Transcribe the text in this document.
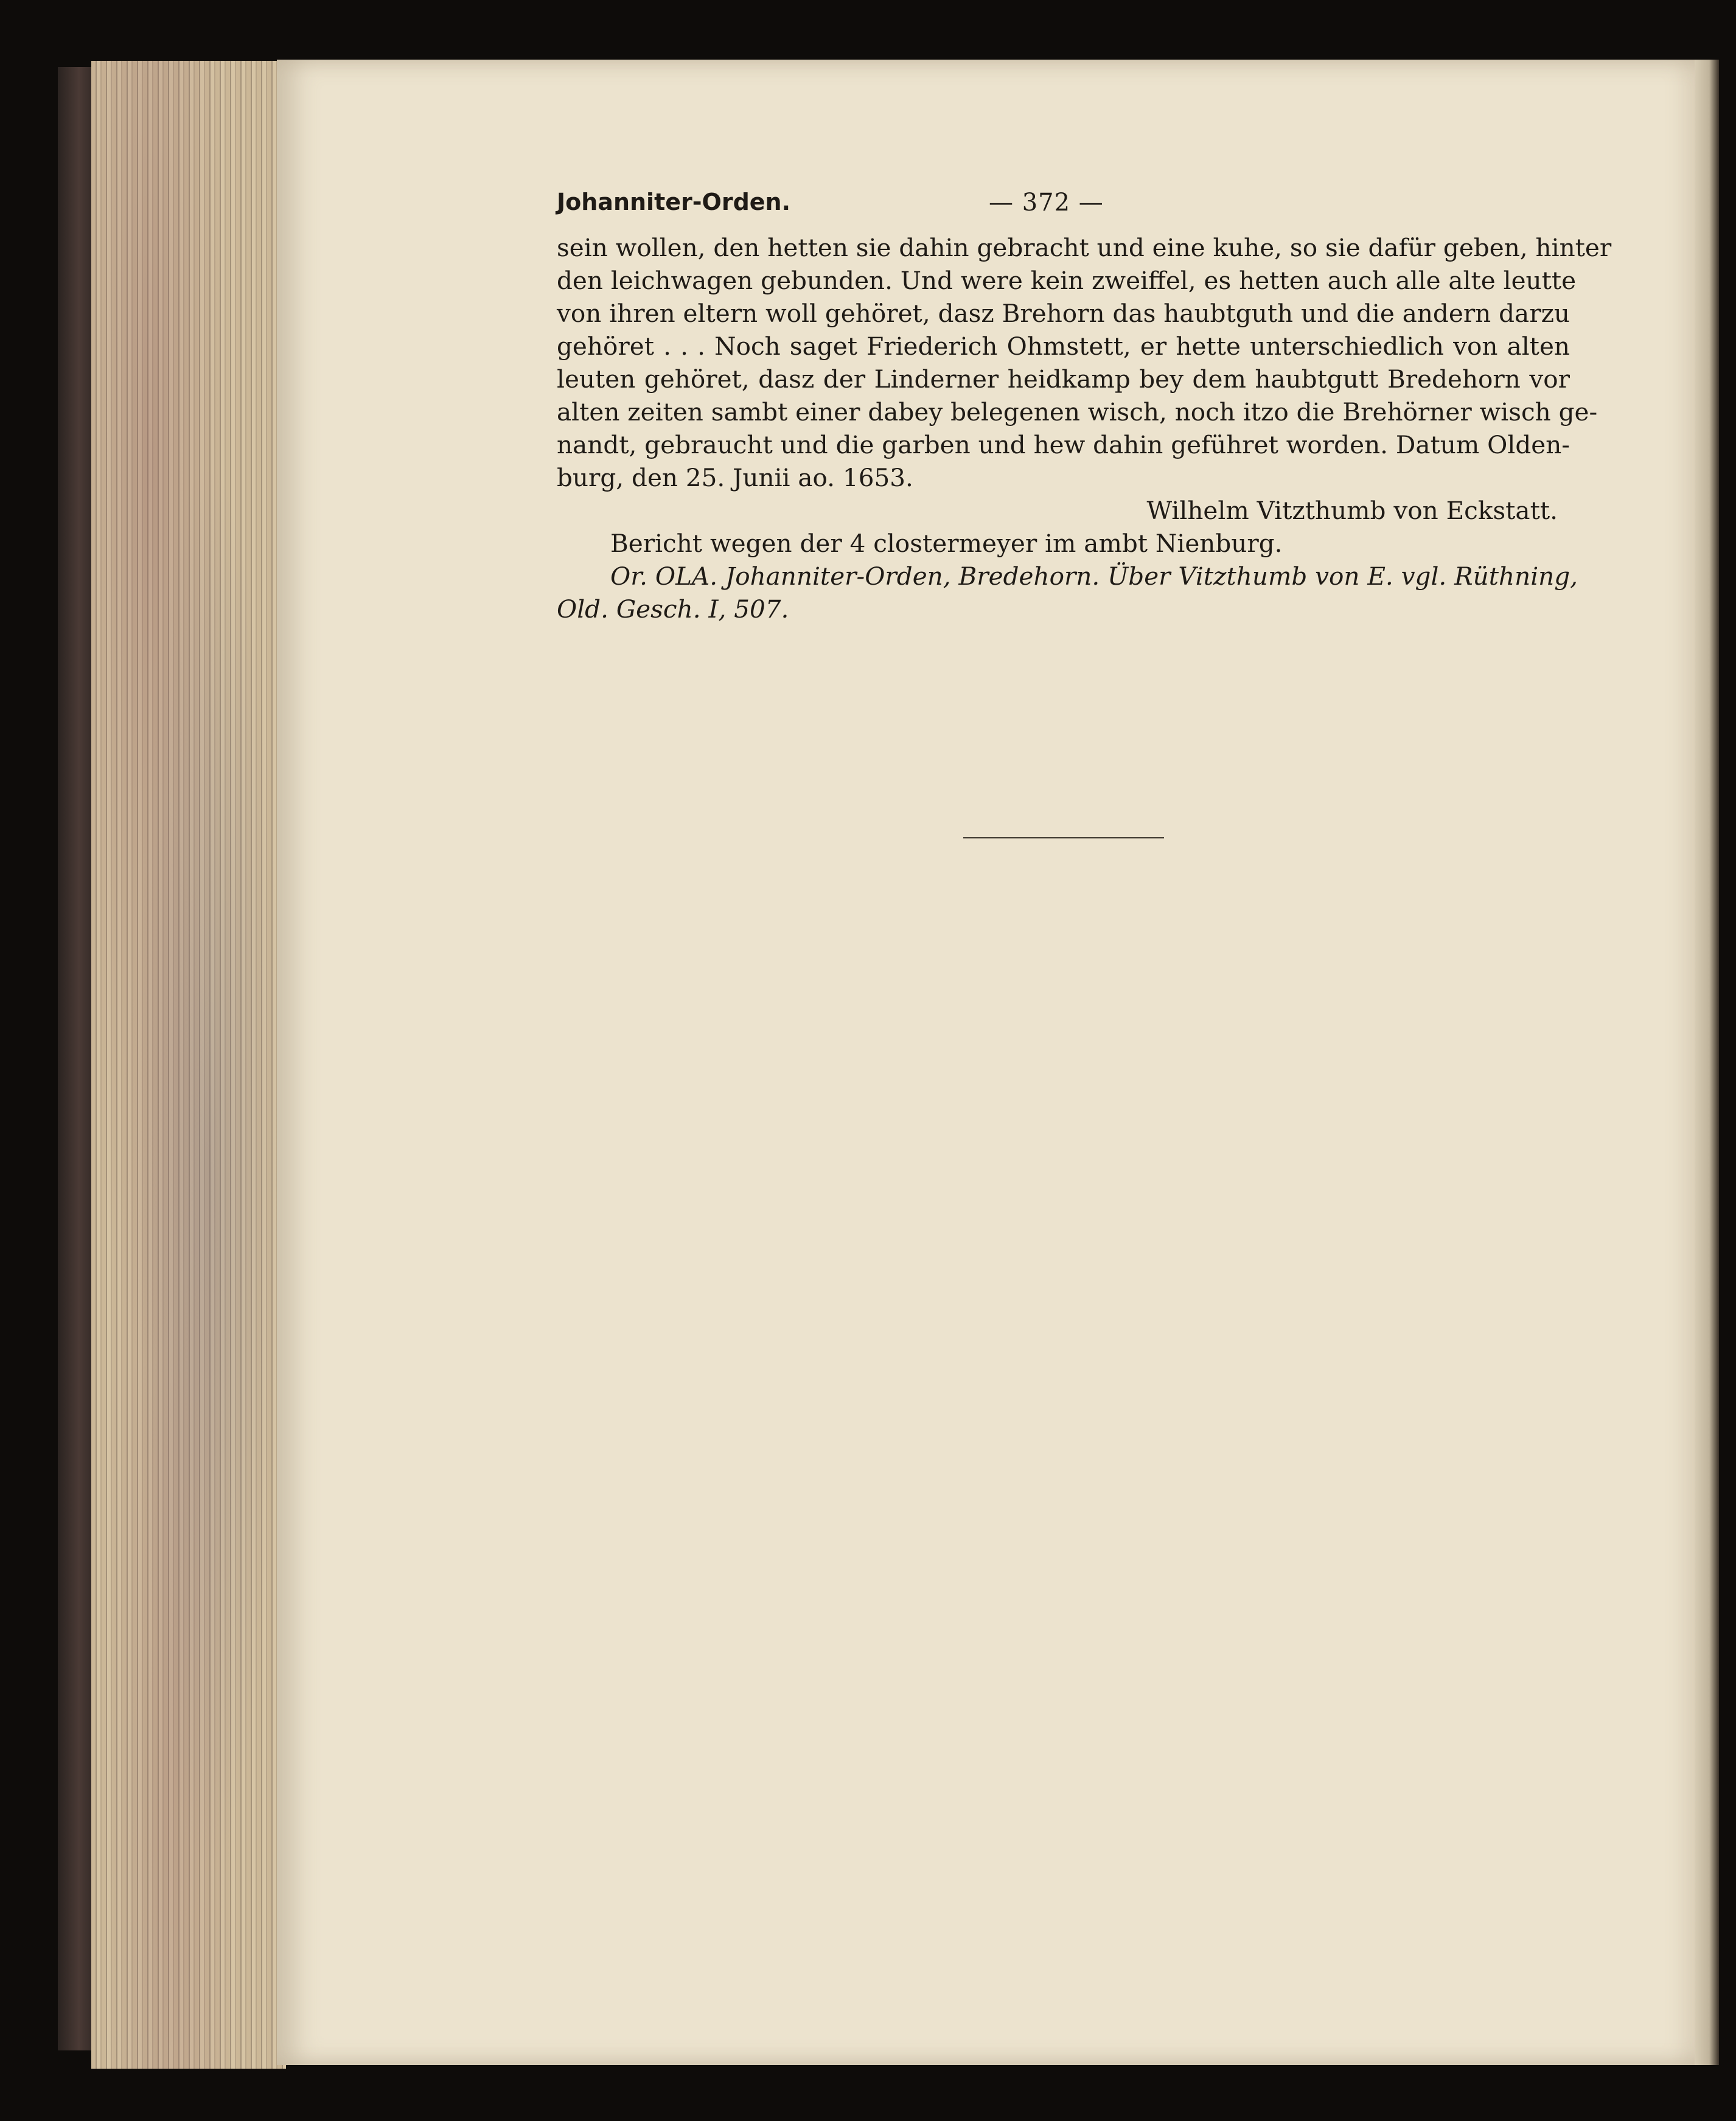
Johanniter-Orden.	— 372 —
sein wollen, den hetten sie dahin gebracht und eine kuhe, so sie dafür geben, hinter
den leichwagen gebunden. Und were kein zweiffel, es hetten auch alle alte leutte
von ihren eltern woll gehöret, dasz Brehorn das haubtguth und die andern darzu
gehöret . . . Noch saget Friederich Ohmstett, er hette unterschiedlich von alten
leuten gehöret, dasz der Linderner heidkamp bey dem haubtgutt Bredehorn vor
alten zeiten sambt einer dabey belegenen wisch, noch itzo die Brehörner wisch ge-
nandt, gebraucht und die garben und hew dahin geführet worden. Datum Olden-
burg, den 25. Junii ao. 1653.
Wilhelm Vitzthumb von Eckstatt.
Bericht wegen der 4 clostermeyer im ambt Nienburg.
Or. OLA. Johanniter-Orden, Bredehorn. Über Vitzthumb von E. vgl. Rüthning,
Old. Gesch. I, 507.
